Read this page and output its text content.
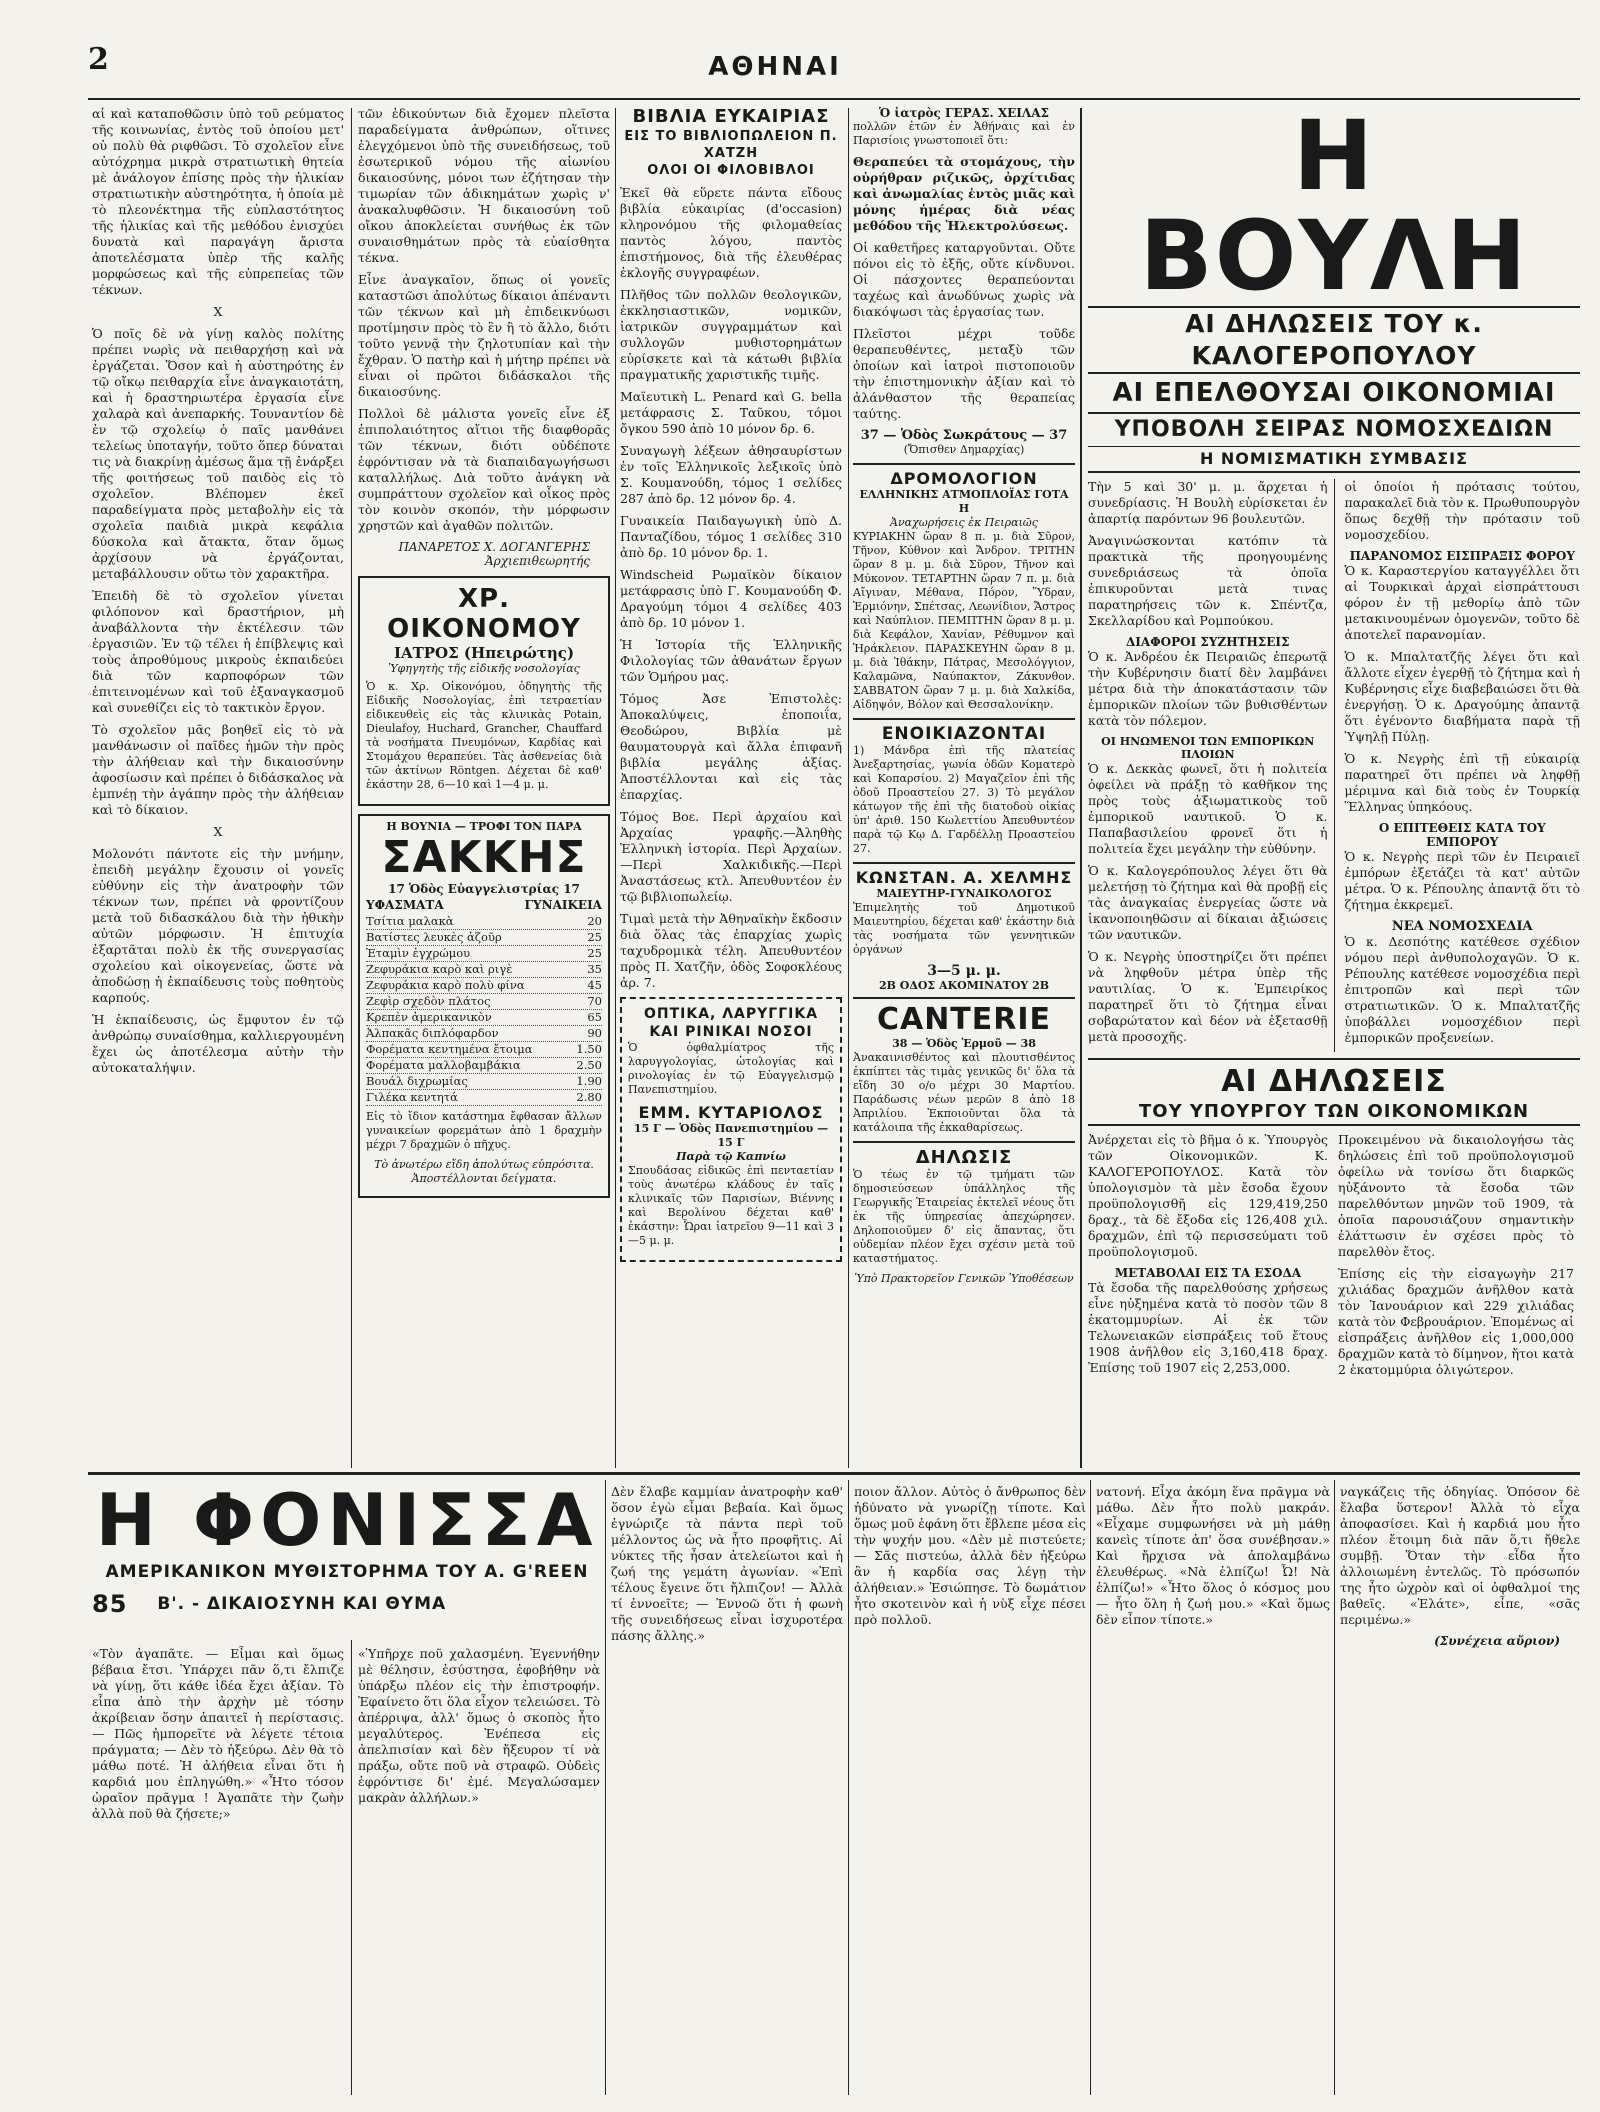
2	ΑΘΗΝΑΙ

αἱ καὶ καταποθῶσιν ὑπὸ τοῦ ρεύματος τῆς κοινωνίας, ἐντὸς τοῦ ὁποίου μετ' οὐ πολὺ θὰ ριφθῶσι. Τὸ σχολεῖον εἶνε αὐτόχρημα μικρὰ στρατιωτικὴ θητεία μὲ ἀνάλογον ἐπίσης πρὸς τὴν ἡλικίαν στρατιωτικὴν αὐστηρότητα, ἡ ὁποία μὲ τὸ πλεονέκτημα τῆς εὐπλαστότητος τῆς ἡλικίας καὶ τῆς μεθόδου ἐνισχύει δυνατὰ καὶ παραγάγη ἄριστα ἀποτελέσματα ὑπὲρ τῆς καλῆς μορφώσεως καὶ τῆς εὐπρεπείας τῶν τέκνων.

Χ

Ὁ ποῖς δὲ νὰ γίνῃ καλὸς πολίτης πρέπει νωρὶς νὰ πειθαρχήσῃ καὶ νὰ ἐργάζεται. Ὅσον καὶ ἡ αὐστηρότης ἐν τῷ οἴκῳ πειθαρχία εἶνε ἀναγκαιοτάτη, καὶ ἡ δραστηριωτέρα ἐργασία εἶνε χαλαρὰ καὶ ἀνεπαρκής. Τουναντίον δὲ ἐν τῷ σχολείῳ ὁ παῖς μανθάνει τελείως ὑποταγήν, τοῦτο ὅπερ δύναται τις νὰ διακρίνῃ ἀμέσως ἅμα τῇ ἐνάρξει τῆς φοιτήσεως τοῦ παιδὸς εἰς τὸ σχολεῖον. Βλέπομεν ἐκεῖ παραδείγματα πρὸς μεταβολὴν εἰς τὰ σχολεῖα παιδιὰ μικρὰ κεφάλια δύσκολα καὶ ἄτακτα, ὅταν ὅμως ἀρχίσουν νὰ ἐργάζονται, μεταβάλλουσιν οὕτω τὸν χαρακτῆρα.

Ἐπειδὴ δὲ τὸ σχολεῖον γίνεται φιλόπονον καὶ δραστήριον, μὴ ἀναβάλλοντα τὴν ἐκτέλεσιν τῶν ἐργασιῶν. Ἐν τῷ τέλει ἡ ἐπίβλεψις καὶ τοὺς ἀπροθύμους μικροὺς ἐκπαιδεύει διὰ τῶν καρποφόρων τῶν ἐπιτεινομένων καὶ τοῦ ἐξαναγκασμοῦ καὶ συνεθίζει εἰς τὸ τακτικὸν ἔργον.

Τὸ σχολεῖον μᾶς βοηθεῖ εἰς τὸ νὰ μανθάνωσιν οἱ παῖδες ἡμῶν τὴν πρὸς τὴν ἀλήθειαν καὶ τὴν δικαιοσύνην ἀφοσίωσιν καὶ πρέπει ὁ διδάσκαλος νὰ ἐμπνέῃ τὴν ἀγάπην πρὸς τὴν ἀλήθειαν καὶ τὸ δίκαιον.

Χ

Μολονότι πάντοτε εἰς τὴν μνήμην, ἐπειδὴ μεγάλην ἔχουσιν οἱ γονεῖς εὐθύνην εἰς τὴν ἀνατροφὴν τῶν τέκνων των, πρέπει νὰ φροντίζουν μετὰ τοῦ διδασκάλου διὰ τὴν ἠθικὴν αὐτῶν μόρφωσιν. Ἡ ἐπιτυχία ἐξαρτᾶται πολὺ ἐκ τῆς συνεργασίας σχολείου καὶ οἰκογενείας, ὥστε νὰ ἀποδώσῃ ἡ ἐκπαίδευσις τοὺς ποθητοὺς καρπούς.

Ἡ ἐκπαίδευσις, ὡς ἔμφυτον ἐν τῷ ἀνθρώπῳ συναίσθημα, καλλιεργουμένη ἔχει ὡς ἀποτέλεσμα αὐτὴν τὴν αὐτοκαταλήψιν.

τῶν ἐδικούντων διὰ ἔχομεν πλεῖστα παραδείγματα ἀνθρώπων, οἵτινες ἐλεγχόμενοι ὑπὸ τῆς συνειδήσεως, τοῦ ἐσωτερικοῦ νόμου τῆς αἰωνίου δικαιοσύνης, μόνοι των ἐζήτησαν τὴν τιμωρίαν τῶν ἀδικημάτων χωρὶς ν' ἀνακαλυφθῶσιν. Ἡ δικαιοσύνη τοῦ οἴκου ἀποκλείεται συνήθως ἐκ τῶν συναισθημάτων πρὸς τὰ εὐαίσθητα τέκνα.

Εἶνε ἀναγκαῖον, ὅπως οἱ γονεῖς καταστῶσι ἀπολύτως δίκαιοι ἀπέναντι τῶν τέκνων καὶ μὴ ἐπιδεικνύωσι προτίμησιν πρὸς τὸ ἓν ἢ τὸ ἄλλο, διότι τοῦτο γεννᾷ τὴν ζηλοτυπίαν καὶ τὴν ἔχθραν. Ὁ πατὴρ καὶ ἡ μήτηρ πρέπει νὰ εἶναι οἱ πρῶτοι διδάσκαλοι τῆς δικαιοσύνης.

Πολλοὶ δὲ μάλιστα γονεῖς εἶνε ἐξ ἐπιπολαιότητος αἴτιοι τῆς διαφθορᾶς τῶν τέκνων, διότι οὐδέποτε ἐφρόντισαν νὰ τὰ διαπαιδαγωγήσωσι καταλλήλως. Διὰ τοῦτο ἀνάγκη νὰ συμπράττουν σχολεῖον καὶ οἶκος πρὸς τὸν κοινὸν σκοπόν, τὴν μόρφωσιν χρηστῶν καὶ ἀγαθῶν πολιτῶν.

ΠΑΝΑΡΕΤΟΣ Χ. ΔΟΓΑΝΓΕΡΗΣ
Ἀρχιεπιθεωρητής
ΧΡ. ΟΙΚΟΝΟΜΟΥ
ΙΑΤΡΟΣ (Ηπειρώτης)
Ὑφηγητὴς τῆς εἰδικῆς νοσολογίας

Ὁ κ. Χρ. Οἰκονόμου, ὁδηγητὴς τῆς Εἰδικῆς Νοσολογίας, ἐπὶ τετραετίαν εἰδικευθεὶς εἰς τὰς κλινικὰς Potain, Dieulafoy, Huchard, Grancher, Chauffard τὰ νοσήματα Πνευμόνων, Καρδίας καὶ Στομάχου θεραπεύει. Τὰς ἀσθενείας διὰ τῶν ἀκτίνων Röntgen. Δέχεται δὲ καθ' ἑκάστην 28, 6—10 καὶ 1—4 μ. μ.

Η ΒΟΥΝΙΑ — ΤΡΟΦΙ ΤΟΝ ΠΑΡΑ
ΣΑΚΚΗΣ
17 Ὁδὸς Εὐαγγελιστρίας 17
ΥΦΑΣΜΑΤΑ	ΓΥΝΑΙΚΕΙΑ
Τσίτια μαλακὰ	20
Βατίστες λευκὲς ἀζοῦρ	25
Ἐταμὶν ἐγχρώμου	25
Ζεφυράκια καρὸ καὶ ριγὲ	35
Ζεφυράκια καρὸ πολὺ φίνα	45
Ζεφὶρ σχεδὸν πλάτος	70
Κρεπὲν ἀμερικανικὸν	65
Ἀλπακᾶς διπλόφαρδον	90
Φορέματα κεντημένα ἔτοιμα	1.50
Φορέματα μαλλοβαμβάκια	2.50
Βουάλ διχρωμίας	1.90
Γιλέκα κεντητά	2.80

Εἰς τὸ ἴδιον κατάστημα ἔφθασαν ἄλλων γυναικείων φορεμάτων ἀπὸ 1 δραχμὴν μέχρι 7 δραχμῶν ὁ πῆχυς.

Τὸ ἀνωτέρω εἴδη ἀπολύτως εὐπρόσιτα. Ἀποστέλλονται δείγματα.

ΒΙΒΛΙΑ ΕΥΚΑΙΡΙΑΣ
ΕΙΣ ΤΟ ΒΙΒΛΙΟΠΩΛΕΙΟΝ Π. ΧΑΤΖΗ
ΟΛΟΙ ΟΙ ΦΙΛΟΒΙΒΛΟΙ

Ἐκεῖ θὰ εὕρετε πάντα εἴδους βιβλία εὐκαιρίας (d'occasion) κληρονόμου τῆς φιλομαθείας παντὸς λόγου, παντὸς ἐπιστήμονος, διὰ τῆς ἐλευθέρας ἐκλογῆς συγγραφέων.

Πλῆθος τῶν πολλῶν θεολογικῶν, ἐκκλησιαστικῶν, νομικῶν, ἰατρικῶν συγγραμμάτων καὶ συλλογῶν μυθιστορημάτων εὑρίσκετε καὶ τὰ κάτωθι βιβλία πραγματικῆς χαριστικῆς τιμῆς.

Μαϊευτικὴ L. Penard καὶ G. bella μετάφρασις Σ. Ταῦκου, τόμοι ὄγκου 590 ἀπὸ 10 μόνον δρ. 6.

Συναγωγὴ λέξεων ἀθησαυρίστων ἐν τοῖς Ἑλληνικοῖς λεξικοῖς ὑπὸ Σ. Κουμανούδη, τόμος 1 σελίδες 287 ἀπὸ δρ. 12 μόνον δρ. 4.

Γυναικεία Παιδαγωγικὴ ὑπὸ Δ. Πανταζίδου, τόμος 1 σελίδες 310 ἀπὸ δρ. 10 μόνον δρ. 1.

Windscheid Ρωμαϊκὸν δίκαιον μετάφρασις ὑπὸ Γ. Κουμανούδη Φ. Δραγούμη τόμοι 4 σελίδες 403 ἀπὸ δρ. 10 μόνον 1.

Ἡ Ἰστορία τῆς Ἑλληνικῆς Φιλολογίας τῶν ἀθανάτων ἔργων τῶν Ὁμήρου μας.

Τόμος Ἀσε Ἐπιστολὲς: Ἀποκαλύψεις, ἐποποιΐα, Θεοδώρου, Βιβλία μὲ θαυματουργὰ καὶ ἄλλα ἐπιφανῆ βιβλία μεγάλης ἀξίας. Ἀποστέλλονται καὶ εἰς τὰς ἐπαρχίας.

Τόμος Βοε. Περὶ ἀρχαίου καὶ Ἀρχαίας γραφῆς.—Ἀληθὴς Ἑλληνικὴ ἱστορία. Περὶ Ἀρχαίων.—Περὶ Χαλκιδικῆς.—Περὶ Ἀναστάσεως κτλ. Ἀπευθυντέον ἐν τῷ βιβλιοπωλείῳ.

Τιμαὶ μετὰ τὴν Ἀθηναϊκὴν ἔκδοσιν διὰ ὅλας τὰς ἐπαρχίας χωρὶς ταχυδρομικὰ τέλη. Ἀπευθυντέον πρὸς Π. Χατζῆν, ὁδὸς Σοφοκλέους ἀρ. 7.

ΟΠΤΙΚΑ, ΛΑΡΥΓΓΙΚΑ ΚΑΙ ΡΙΝΙΚΑΙ ΝΟΣΟΙ

Ὁ ὁφθαλμίατρος τῆς λαρυγγολογίας, ὠτολογίας καὶ ρινολογίας ἐν τῷ Εὐαγγελισμῷ Πανεπιστημίου.

ΕΜΜ. ΚΥΤΑΡΙΟΛΟΣ
15 Γ — Ὁδὸς Πανεπιστημίου — 15 Γ
Παρὰ τῷ Καπνίω

Σπουδάσας εἰδικῶς ἐπὶ πενταετίαν τοὺς ἀνωτέρω κλάδους ἐν ταῖς κλινικαῖς τῶν Παρισίων, Βιέννης καὶ Βερολίνου δέχεται καθ' ἑκάστην: Ὧραι ἰατρεῖου 9—11 καὶ 3—5 μ. μ.

Ὁ ἰατρὸς ΓΕΡΑΣ. ΧΕΙΛΑΣ

πολλῶν ἐτῶν ἐν Ἀθήναις καὶ ἐν Παρισίοις γνωστοποιεῖ ὅτι:

Θεραπεύει τὰ στομάχους, τὴν οὐρήθραν ριζικῶς, ὀρχίτιδας καὶ ἀνωμαλίας ἐντὸς μιᾶς καὶ μόνης ἡμέρας διὰ νέας μεθόδου τῆς Ἠλεκτρολύσεως.

Οἱ καθετῆρες καταργοῦνται. Οὔτε πόνοι εἰς τὸ ἐξῆς, οὔτε κίνδυνοι. Οἱ πάσχοντες θεραπεύονται ταχέως καὶ ἀνωδύνως χωρὶς νὰ διακόψωσι τὰς ἐργασίας των.

Πλεῖστοι μέχρι τοῦδε θεραπευθέντες, μεταξὺ τῶν ὁποίων καὶ ἰατροὶ πιστοποιοῦν τὴν ἐπιστημονικὴν ἀξίαν καὶ τὸ ἀλάνθαστον τῆς θεραπείας ταύτης.

37 — Ὁδὸς Σωκράτους — 37
(Ὄπισθεν Δημαρχίας)
ΔΡΟΜΟΛΟΓΙΟΝ
ΕΛΛΗΝΙΚΗΣ ΑΤΜΟΠΛΟΪΑΣ ΓΟΤΑ Η
Ἀναχωρήσεις ἐκ Πειραιῶς

ΚΥΡΙΑΚΗΝ ὥραν 8 π. μ. διὰ Σῦρον, Τῆνον, Κύθνον καὶ Ἄνδρον. ΤΡΙΤΗΝ ὥραν 8 μ. μ. διὰ Σῦρον, Τῆνον καὶ Μύκονον. ΤΕΤΑΡΤΗΝ ὥραν 7 π. μ. διὰ Αἴγιναν, Μέθανα, Πόρον, Ὕδραν, Ἑρμιόνην, Σπέτσας, Λεωνίδιον, Ἄστρος καὶ Ναύπλιον. ΠΕΜΠΤΗΝ ὥραν 8 μ. μ. διὰ Κεφάλον, Χανίαν, Ρέθυμνον καὶ Ἡράκλειον. ΠΑΡΑΣΚΕΥΗΝ ὥραν 8 μ. μ. διὰ Ἰθάκην, Πάτρας, Μεσολόγγιον, Καλαμῶνα, Ναύπακτον, Ζάκυνθον. ΣΑΒΒΑΤΟΝ ὥραν 7 μ. μ. διὰ Χαλκίδα, Αἰδηψόν, Βόλον καὶ Θεσσαλονίκην.

ΕΝΟΙΚΙΑΖΟΝΤΑΙ

1) Μάνδρα ἐπὶ τῆς πλατείας Ἀνεξαρτησίας, γωνία ὁδῶν Κοματερὸ καὶ Κοπαρσίου. 2) Μαγαζεῖον ἐπὶ τῆς ὁδοῦ Προαστείου 27. 3) Τὸ μεγάλον κάτωγον τῆς ἐπὶ τῆς διατοδοὺ οἰκίας ὑπ' ἀριθ. 150 Κωλεττίου Ἀπευθυντέον παρὰ τῷ Κῳ Δ. Γαρδέλλῃ Προαστείου 27.

ΚΩΝΣΤΑΝ. Α. ΧΕΛΜΗΣ
ΜΑΙΕΥΤΗΡ-ΓΥΝΑΙΚΟΛΟΓΟΣ

Ἐπιμελητὴς τοῦ Δημοτικοῦ Μαιευτηρίου, δέχεται καθ' ἑκάστην διὰ τὰς νοσήματα τῶν γεννητικῶν ὀργάνων

3—5 μ. μ.
2Β ΟΔΟΣ ΑΚΟΜΙΝΑΤΟΥ 2Β
CANTERIE
38 — Ὁδὸς Ἑρμοῦ — 38

Ἀνακαινισθέντος καὶ πλουτισθέντος ἐκπίπτει τὰς τιμὰς γενικῶς δι' ὅλα τὰ εἴδη 30 ο/ο μέχρι 30 Μαρτίου. Παράδωσις νέων μερῶν 8 ἀπὸ 18 Ἀπριλίου. Ἐκποιοῦνται ὅλα τὰ κατάλοιπα τῆς ἐκκαθαρίσεως.

ΔΗΛΩΣΙΣ

Ὁ τέως ἐν τῷ τμήματι τῶν δημοσιεύσεων ὑπάλληλος τῆς Γεωργικῆς Ἑταιρείας ἐκτελεῖ νέους ὅτι ἐκ τῆς ὑπηρεσίας ἀπεχώρησεν. Δηλοποιοῦμεν δ' εἰς ἅπαντας, ὅτι οὐδεμίαν πλέον ἔχει σχέσιν μετὰ τοῦ καταστήματος.

Ὑπὸ Πρακτορεῖον Γενικῶν Ὑποθέσεων
Η ΒΟΥΛΗ
ΑΙ ΔΗΛΩΣΕΙΣ ΤΟΥ κ. ΚΑΛΟΓΕΡΟΠΟΥΛΟΥ
ΑΙ ΕΠΕΛΘΟΥΣΑΙ ΟΙΚΟΝΟΜΙΑΙ
ΥΠΟΒΟΛΗ ΣΕΙΡΑΣ ΝΟΜΟΣΧΕΔΙΩΝ
Η ΝΟΜΙΣΜΑΤΙΚΗ ΣΥΜΒΑΣΙΣ

Τὴν 5 καὶ 30' μ. μ. ἄρχεται ἡ συνεδρίασις. Ἡ Βουλὴ εὑρίσκεται ἐν ἀπαρτίᾳ παρόντων 96 βουλευτῶν.

Ἀναγινώσκονται κατόπιν τὰ πρακτικὰ τῆς προηγουμένης συνεδριάσεως τὰ ὁποῖα ἐπικυροῦνται μετὰ τινας παρατηρήσεις τῶν κ. Σπέντζα, Σκελλαρίδου καὶ Ρομπούκου.

ΔΙΑΦΟΡΟΙ ΣΥΖΗΤΗΣΕΙΣ

Ὁ κ. Ἀνδρέου ἐκ Πειραιῶς ἐπερωτᾷ τὴν Κυβέρνησιν διατί δὲν λαμβάνει μέτρα διὰ τὴν ἀποκατάστασιν τῶν ἐμπορικῶν πλοίων τῶν βυθισθέντων κατὰ τὸν πόλεμον.

ΟΙ ΗΝΩΜΕΝΟΙ ΤΩΝ ΕΜΠΟΡΙΚΩΝ ΠΛΟΙΩΝ

Ὁ κ. Δεκκὰς φωνεῖ, ὅτι ἡ πολιτεία ὀφείλει νὰ πράξῃ τὸ καθῆκον της πρὸς τοὺς ἀξιωματικοὺς τοῦ ἐμπορικοῦ ναυτικοῦ. Ὁ κ. Παπαβασιλείου φρονεῖ ὅτι ἡ πολιτεία ἔχει μεγάλην τὴν εὐθύνην.

Ὁ κ. Καλογερόπουλος λέγει ὅτι θὰ μελετήσῃ τὸ ζήτημα καὶ θὰ προβῇ εἰς τὰς ἀναγκαίας ἐνεργείας ὥστε νὰ ἱκανοποιηθῶσιν αἱ δίκαιαι ἀξιώσεις τῶν ναυτικῶν.

Ὁ κ. Νεγρὴς ὑποστηρίζει ὅτι πρέπει νὰ ληφθοῦν μέτρα ὑπὲρ τῆς ναυτιλίας. Ὁ κ. Ἐμπειρίκος παρατηρεῖ ὅτι τὸ ζήτημα εἶναι σοβαρώτατον καὶ δέον νὰ ἐξετασθῇ μετὰ προσοχῆς.

οἱ ὁποίοι ἡ πρότασις τούτου, παρακαλεῖ διὰ τὸν κ. Πρωθυπουργὸν ὅπως δεχθῇ τὴν πρότασιν τοῦ νομοσχεδίου.

ΠΑΡΑΝΟΜΟΣ ΕΙΣΠΡΑΞΙΣ ΦΟΡΟΥ

Ὁ κ. Καραστεργίου καταγγέλλει ὅτι αἱ Τουρκικαὶ ἀρχαὶ εἰσπράττουσι φόρον ἐν τῇ μεθορίῳ ἀπὸ τῶν μετακινουμένων ὁμογενῶν, τοῦτο δὲ ἀποτελεῖ παρανομίαν.

Ὁ κ. Μπαλτατζῆς λέγει ὅτι καὶ ἄλλοτε εἶχεν ἐγερθῇ τὸ ζήτημα καὶ ἡ Κυβέρνησις εἶχε διαβεβαιώσει ὅτι θὰ ἐνεργήσῃ. Ὁ κ. Δραγούμης ἀπαντᾷ ὅτι ἐγένοντο διαβήματα παρὰ τῇ Ὑψηλῇ Πύλῃ.

Ὁ κ. Νεγρὴς ἐπὶ τῇ εὐκαιρίᾳ παρατηρεῖ ὅτι πρέπει νὰ ληφθῇ μέριμνα καὶ διὰ τοὺς ἐν Τουρκίᾳ Ἕλληνας ὑπηκόους.

Ο ΕΠΙΤΕΘΕΙΣ ΚΑΤΑ ΤΟΥ ΕΜΠΟΡΟΥ

Ὁ κ. Νεγρὴς περὶ τῶν ἐν Πειραιεῖ ἐμπόρων ἐξετάζει τὰ κατ' αὐτῶν μέτρα. Ὁ κ. Ρέπουλης ἀπαντᾷ ὅτι τὸ ζήτημα ἐκκρεμεῖ.

ΝΕΑ ΝΟΜΟΣΧΕΔΙΑ

Ὁ κ. Δεσπότης κατέθεσε σχέδιον νόμου περὶ ἀνθυπολοχαγῶν. Ὁ κ. Ρέπουλης κατέθεσε νομοσχέδια περὶ ἐπιτροπῶν καὶ περὶ τῶν στρατιωτικῶν. Ὁ κ. Μπαλτατζῆς ὑποβάλλει νομοσχέδιον περὶ ἐμπορικῶν προξενείων.

ΑΙ ΔΗΛΩΣΕΙΣ
ΤΟΥ ΥΠΟΥΡΓΟΥ ΤΩΝ ΟΙΚΟΝΟΜΙΚΩΝ

Ἀνέρχεται εἰς τὸ βῆμα ὁ κ. Ὑπουργὸς τῶν Οἰκονομικῶν. Κ. ΚΑΛΟΓΕΡΟΠΟΥΛΟΣ. Κατὰ τὸν ὑπολογισμὸν τὰ μὲν ἔσοδα ἔχουν προϋπολογισθῆ εἰς 129,419,250 δραχ., τὰ δὲ ἔξοδα εἰς 126,408 χιλ. δραχμῶν, ἐπὶ τῷ περισσεύματι τοῦ προϋπολογισμοῦ.

ΜΕΤΑΒΟΛΑΙ ΕΙΣ ΤΑ ΕΣΟΔΑ

Τὰ ἔσοδα τῆς παρελθούσης χρήσεως εἶνε ηὐξημένα κατὰ τὸ ποσὸν τῶν 8 ἑκατομμυρίων. Αἱ ἐκ τῶν Τελωνειακῶν εἰσπράξεις τοῦ ἔτους 1908 ἀνῆλθον εἰς 3,160,418 δραχ. Ἐπίσης τοῦ 1907 εἰς 2,253,000.

Προκειμένου νὰ δικαιολογήσω τὰς δηλώσεις ἐπὶ τοῦ προϋπολογισμοῦ ὀφείλω νὰ τονίσω ὅτι διαρκῶς ηὐξάνοντο τὰ ἔσοδα τῶν παρελθόντων μηνῶν τοῦ 1909, τὰ ὁποῖα παρουσιάζουν σημαντικὴν ἐλάττωσιν ἐν σχέσει πρὸς τὸ παρελθὸν ἔτος.

Ἐπίσης εἰς τὴν εἰσαγωγὴν 217 χιλιάδας δραχμῶν ἀνῆλθον κατὰ τὸν Ἰανουάριον καὶ 229 χιλιάδας κατὰ τὸν Φεβρουάριον. Ἐπομένως αἱ εἰσπράξεις ἀνῆλθον εἰς 1,000,000 δραχμῶν κατὰ τὸ δίμηνον, ἤτοι κατὰ 2 ἑκατομμύρια ὀλιγώτερον.

Η ΦΟΝΙΣΣΑ
ΑΜΕΡΙΚΑΝΙΚΟΝ ΜΥΘΙΣΤΟΡΗΜΑ ΤΟΥ Α. G'REEN
85 Β'. - ΔΙΚΑΙΟΣΥΝΗ ΚΑΙ ΘΥΜΑ

«Τὸν ἀγαπᾶτε. — Εἶμαι καὶ ὅμως βέβαια ἔτσι. Ὑπάρχει πᾶν ὅ,τι ἔλπιζε νὰ γίνῃ, ὅτι κάθε ἰδέα ἔχει ἀξίαν. Τὸ εἶπα ἀπὸ τὴν ἀρχὴν μὲ τόσην ἀκρίβειαν ὅσην ἀπαιτεῖ ἡ περίστασις. — Πῶς ἠμπορεῖτε νὰ λέγετε τέτοια πράγματα; — Δὲν τὸ ἠξεύρω. Δὲν θὰ τὸ μάθω ποτέ. Ἡ ἀλήθεια εἶναι ὅτι ἡ καρδιά μου ἐπληγώθη.» «Ἦτο τόσον ὡραῖον πρᾶγμα ! Ἀγαπᾶτε τὴν ζωὴν ἀλλὰ ποῦ θὰ ζήσετε;»

«Ὑπῆρχε ποῦ χαλασμένη. Ἐγεννήθην μὲ θέλησιν, ἐσύστησα, ἐφοβήθην νὰ ὑπάρξω πλέον εἰς τὴν ἐπιστροφήν. Ἐφαίνετο ὅτι ὅλα εἶχον τελειώσει. Τὸ ἀπέρριψα, ἀλλ' ὅμως ὁ σκοπὸς ἦτο μεγαλύτερος. Ἐνέπεσα εἰς ἀπελπισίαν καὶ δὲν ἤξευρον τί νὰ πράξω, οὔτε ποῦ νὰ στραφῶ. Οὐδεὶς ἐφρόντισε δι' ἐμέ. Μεγαλώσαμεν μακρὰν ἀλλήλων.»

Δὲν ἔλαβε καμμίαν ἀνατροφὴν καθ' ὅσον ἐγὼ εἶμαι βεβαία. Καὶ ὅμως ἐγνώριζε τὰ πάντα περὶ τοῦ μέλλοντος ὡς νὰ ἦτο προφῆτις. Αἱ νύκτες τῆς ἦσαν ἀτελείωτοι καὶ ἡ ζωή της γεμάτη ἀγωνίαν. «Ἐπὶ τέλους ἔγεινε ὅτι ἤλπιζον! — Ἀλλὰ τί ἐννοεῖτε; — Ἐννοῶ ὅτι ἡ φωνὴ τῆς συνειδήσεως εἶναι ἰσχυροτέρα πάσης ἄλλης.»

ποιον ἄλλον. Αὐτὸς ὁ ἄνθρωπος δὲν ἠδύνατο νὰ γνωρίζῃ τίποτε. Καὶ ὅμως μοῦ ἐφάνη ὅτι ἔβλεπε μέσα εἰς τὴν ψυχήν μου. «Δὲν μὲ πιστεύετε; — Σᾶς πιστεύω, ἀλλὰ δὲν ἠξεύρω ἂν ἡ καρδία σας λέγῃ τὴν ἀλήθειαν.» Ἐσιώπησε. Τὸ δωμάτιον ἦτο σκοτεινὸν καὶ ἡ νὺξ εἶχε πέσει πρὸ πολλοῦ.

νατονή. Εἶχα ἀκόμη ἕνα πρᾶγμα νὰ μάθω. Δὲν ἦτο πολὺ μακράν. «Εἶχαμε συμφωνήσει νὰ μὴ μάθῃ κανεὶς τίποτε ἀπ' ὅσα συνέβησαν.» Καὶ ἤρχισα νὰ ἀπολαμβάνω ἐλευθέρως. «Νὰ ἐλπίζω! Ὦ! Νὰ ἐλπίζω!» «Ἦτο ὅλος ὁ κόσμος μου — ἦτο ὅλη ἡ ζωή μου.» «Καὶ ὅμως δὲν εἶπον τίποτε.»

ναγκάζεις τῆς ὁδηγίας. Ὁπόσον δὲ ἔλαβα ὕστερον! Ἀλλὰ τὸ εἶχα ἀποφασίσει. Καὶ ἡ καρδιά μου ἦτο πλέον ἔτοιμη διὰ πᾶν ὅ,τι ἤθελε συμβῇ. Ὅταν τὴν εἶδα ἦτο ἀλλοιωμένη ἐντελῶς. Τὸ πρόσωπόν της ἦτο ὠχρὸν καὶ οἱ ὀφθαλμοί της βαθεῖς. «Ἐλάτε», εἶπε, «σᾶς περιμένω.»

(Συνέχεια αὔριον)
